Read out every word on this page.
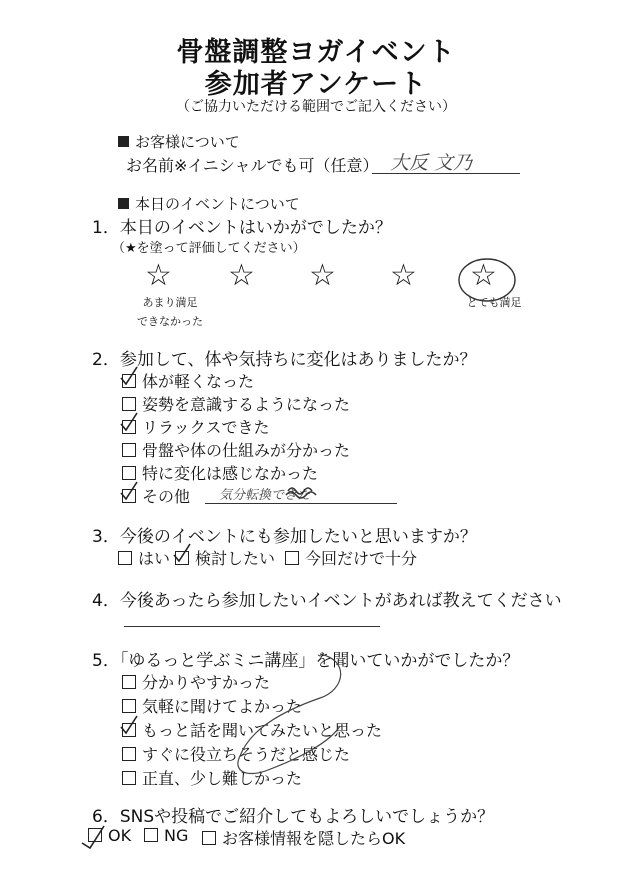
骨盤調整ヨガイベント
参加者アンケート
（ご協力いただける範囲でご記入ください）
お客様について
お名前※イニシャルでも可（任意） 大反 文乃
本日のイベントについて
1．本日のイベントはいかがでしたか？
（★を塗って評価してください）
☆ ☆ ☆ ☆ ☆
あまり満足
できなかった
とても満足
2．参加して、体や気持ちに変化はありましたか？
体が軽くなった
姿勢を意識するようになった
リラックスできた
骨盤や体の仕組みが分かった
特に変化は感じなかった
その他	気分転換できた
3．今後のイベントにも参加したいと思いますか？
はい	検討したい	今回だけで十分
4．今後あったら参加したいイベントがあれば教えてください
5．「ゆるっと学ぶミニ講座」を聞いていかがでしたか？
分かりやすかった
気軽に聞けてよかった
もっと話を聞いてみたいと思った
すぐに役立ちそうだと感じた
正直、少し難しかった
6．SNSや投稿でご紹介してもよろしいでしょうか？
OK	NG	お客様情報を隠したらOK
